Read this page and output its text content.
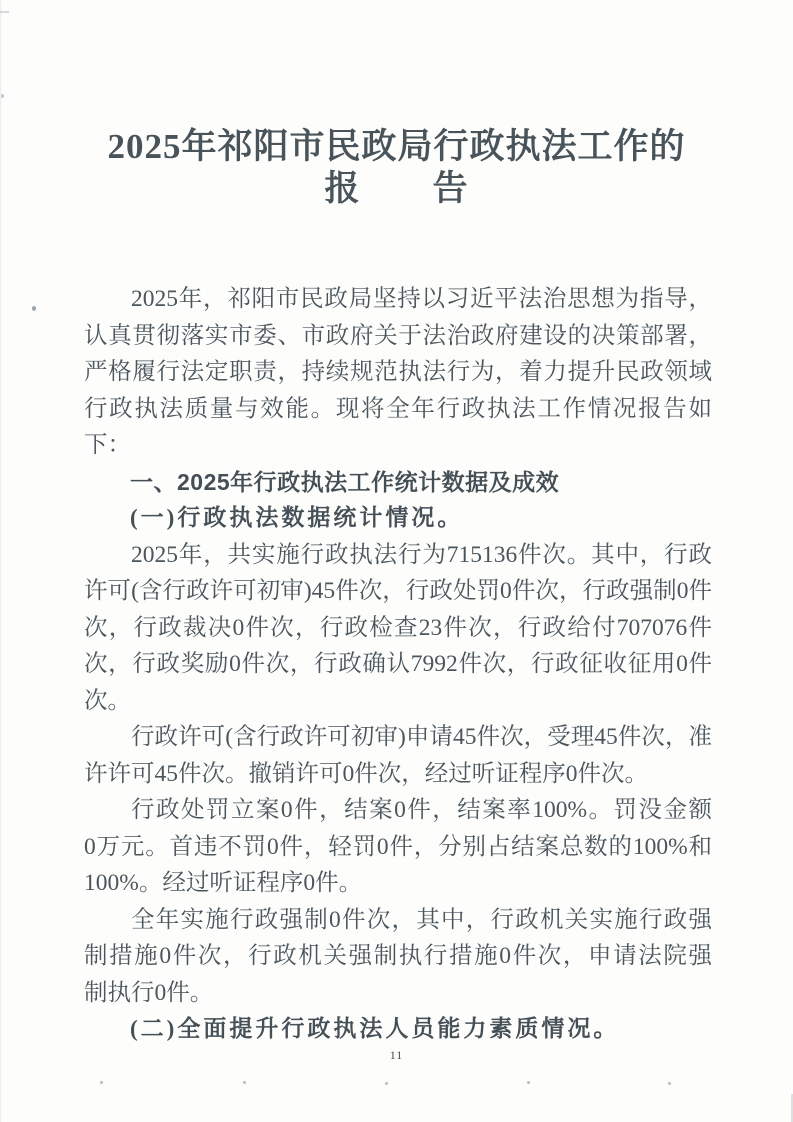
2025年祁阳市民政局行政执法工作的
报　　告

2025年，祁阳市民政局坚持以习近平法治思想为指导，认真贯彻落实市委、市政府关于法治政府建设的决策部署，严格履行法定职责，持续规范执法行为，着力提升民政领域行政执法质量与效能。现将全年行政执法工作情况报告如下：

一、2025年行政执法工作统计数据及成效

(一)行政执法数据统计情况。

2025年，共实施行政执法行为715136件次。其中，行政许可(含行政许可初审)45件次，行政处罚0件次，行政强制0件次，行政裁决0件次，行政检查23件次，行政给付707076件次，行政奖励0件次，行政确认7992件次，行政征收征用0件次。

行政许可(含行政许可初审)申请45件次，受理45件次，准许许可45件次。撤销许可0件次，经过听证程序0件次。

行政处罚立案0件，结案0件，结案率100%。罚没金额　0万元。首违不罚0件，轻罚0件，分别占结案总数的100%和100%。经过听证程序0件。

全年实施行政强制0件次，其中，行政机关实施行政强　制措施0件次，行政机关强制执行措施0件次，申请法院强　制执行0件。

(二)全面提升行政执法人员能力素质情况。

11
